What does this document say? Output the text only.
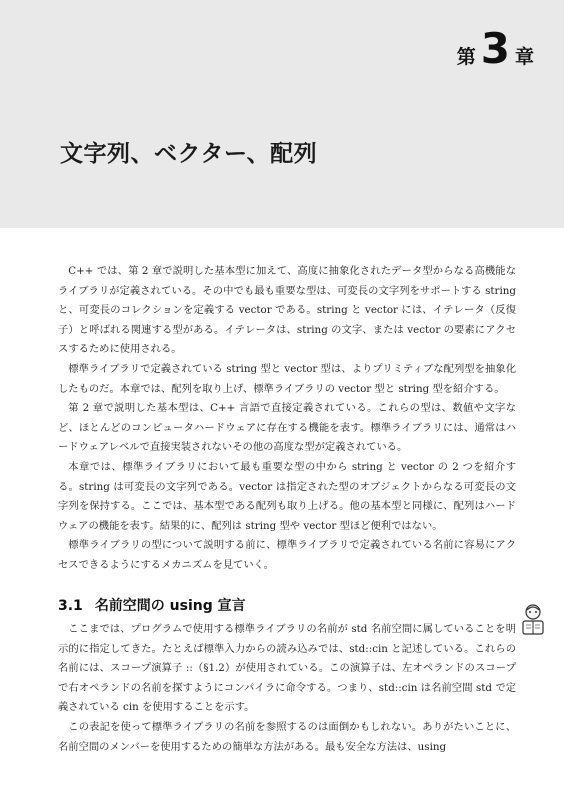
第 3 章
文字列、ベクター、配列

C++ では、第 2 章で説明した基本型に加えて、高度に抽象化されたデータ型からなる高機能なライブラリが定義されている。その中でも最も重要な型は、可変長の文字列をサポートする string と、可変長のコレクションを定義する vector である。string と vector には、イテレータ（反復子）と呼ばれる関連する型がある。イテレータは、string の文字、または vector の要素にアクセスするために使用される。

標準ライブラリで定義されている string 型と vector 型は、よりプリミティブな配列型を抽象化したものだ。本章では、配列を取り上げ、標準ライブラリの vector 型と string 型を紹介する。

第 2 章で説明した基本型は、C++ 言語で直接定義されている。これらの型は、数値や文字など、ほとんどのコンピュータハードウェアに存在する機能を表す。標準ライブラリには、通常はハードウェアレベルで直接実装されないその他の高度な型が定義されている。

本章では、標準ライブラリにおいて最も重要な型の中から string と vector の 2 つを紹介する。string は可変長の文字列である。vector は指定された型のオブジェクトからなる可変長の文字列を保持する。ここでは、基本型である配列も取り上げる。他の基本型と同様に、配列はハードウェアの機能を表す。結果的に、配列は string 型や vector 型ほど便利ではない。

標準ライブラリの型について説明する前に、標準ライブラリで定義されている名前に容易にアクセスできるようにするメカニズムを見ていく。

3.1 名前空間の using 宣言

ここまでは、プログラムで使用する標準ライブラリの名前が std 名前空間に属していることを明示的に指定してきた。たとえば標準入力からの読み込みでは、std::cin と記述している。これらの名前には、スコープ演算子 ::（§1.2）が使用されている。この演算子は、左オペランドのスコープで右オペランドの名前を探すようにコンパイラに命令する。つまり、std::cin は名前空間 std で定義されている cin を使用することを示す。

この表記を使って標準ライブラリの名前を参照するのは面倒かもしれない。ありがたいことに、名前空間のメンバーを使用するための簡単な方法がある。最も安全な方法は、using
